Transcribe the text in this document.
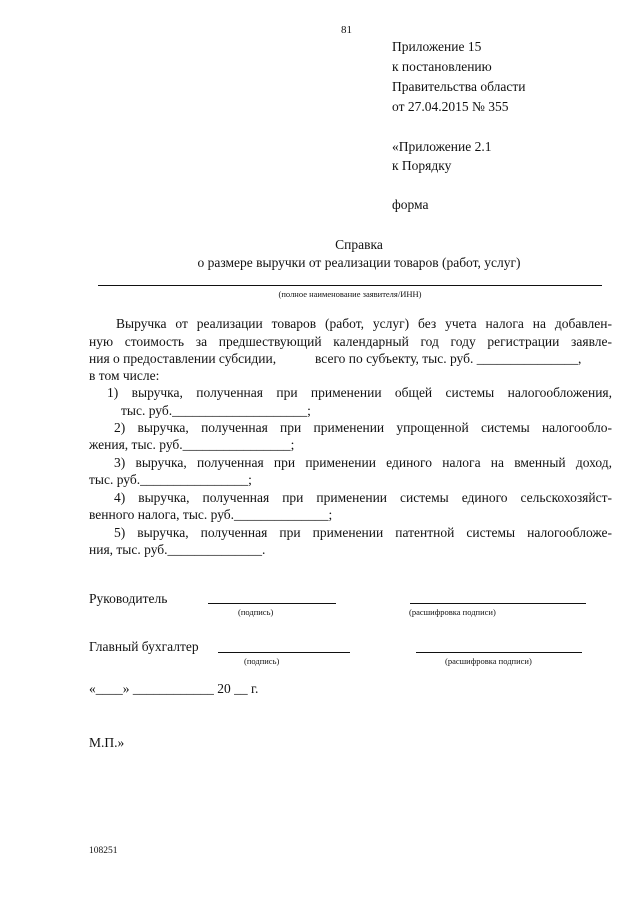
81
Приложение 15
к постановлению
Правительства области
от 27.04.2015 № 355
«Приложение 2.1
к Порядку
форма
Справка
о размере выручки от реализации товаров (работ, услуг)
(полное наименование заявителя/ИНН)
Выручка от реализации товаров (работ, услуг) без учета налога на добавлен-
ную стоимость за предшествующий календарный год году регистрации заявле-
ния о предоставлении субсидии,	всего по субъекту, тыс. руб. _______________,
в том числе:
1) выручка, полученная при применении общей системы налогообложения,
тыс. руб.____________________;
2) выручка, полученная при применении упрощенной системы налогообло-
жения, тыс. руб.________________;
3) выручка, полученная при применении единого налога на вменный доход,
тыс. руб.________________;
4) выручка, полученная при применении системы единого сельскохозяйст-
венного налога, тыс. руб.______________;
5) выручка, полученная при применении патентной системы налогообложе-
ния, тыс. руб.______________.
Руководитель
(подпись)	(расшифровка подписи)
Главный бухгалтер
(подпись)	(расшифровка подписи)
«____» ____________ 20 __ г.
М.П.»
108251
